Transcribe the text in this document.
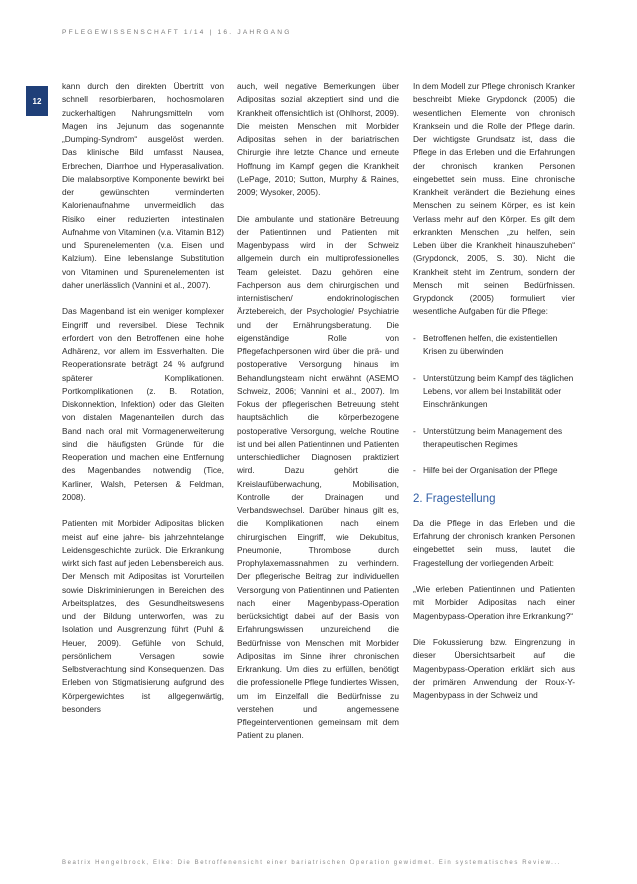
PFLEGEWISSENSCHAFT 1/14 | 16. JAHRGANG
12

kann durch den direkten Übertritt von schnell resorbierbaren, hochosmolaren zuckerhaltigen Nahrungsmitteln vom Magen ins Jejunum das sogenannte „Dumping-Syndrom“ ausgelöst werden. Das klinische Bild umfasst Nausea, Erbrechen, Diarrhoe und Hyperasalivation. Die malabsorptive Komponente bewirkt bei der gewünschten verminderten Kalorienaufnahme unvermeidlich das Risiko einer reduzierten intestinalen Aufnahme von Vitaminen (v.a. Vitamin B12) und Spurenelementen (v.a. Eisen und Kalzium). Eine lebenslange Substitution von Vitaminen und Spurenelementen ist daher unerlässlich (Vannini et al., 2007).

Das Magenband ist ein weniger komplexer Eingriff und reversibel. Diese Technik erfordert von den Betroffenen eine hohe Adhärenz, vor allem im Essverhalten. Die Reoperationsrate beträgt 24 % aufgrund späterer Komplikationen. Portkomplikationen (z. B. Rotation, Diskonnektion, Infektion) oder das Gleiten von distalen Magenanteilen durch das Band nach oral mit Vormagenerweiterung sind die häufigsten Gründe für die Reoperation und machen eine Entfernung des Magenbandes notwendig (Tice, Karliner, Walsh, Petersen & Feldman, 2008).

Patienten mit Morbider Adipositas blicken meist auf eine jahre- bis jahrzehntelange Leidensgeschichte zurück. Die Erkrankung wirkt sich fast auf jeden Lebensbereich aus. Der Mensch mit Adipositas ist Vorurteilen sowie Diskriminierungen in Bereichen des Arbeitsplatzes, des Gesundheitswesens und der Bildung unterworfen, was zu Isolation und Ausgrenzung führt (Puhl & Heuer, 2009). Gefühle von Schuld, persönlichem Versagen sowie Selbstverachtung sind Konsequenzen. Das Erleben von Stigmatisierung aufgrund des Körpergewichtes ist allgegenwärtig, besonders

auch, weil negative Bemerkungen über Adipositas sozial akzeptiert sind und die Krankheit offensichtlich ist (Ohlhorst, 2009). Die meisten Menschen mit Morbider Adipositas sehen in der bariatrischen Chirurgie ihre letzte Chance und erneute Hoffnung im Kampf gegen die Krankheit (LePage, 2010; Sutton, Murphy & Raines, 2009; Wysoker, 2005).

Die ambulante und stationäre Betreuung der Patientinnen und Patienten mit Magenbypass wird in der Schweiz allgemein durch ein multiprofessionelles Team geleistet. Dazu gehören eine Fachperson aus dem chirurgischen und internistischen/ endokrinologischen Ärztebereich, der Psychologie/ Psychiatrie und der Ernährungsberatung. Die eigenständige Rolle von Pflegefachpersonen wird über die prä- und postoperative Versorgung hinaus im Behandlungsteam nicht erwähnt (ASEMO Schweiz, 2006; Vannini et al., 2007). Im Fokus der pflegerischen Betreuung steht hauptsächlich die körperbezogene postoperative Versorgung, welche Routine ist und bei allen Patientinnen und Patienten unterschiedlicher Diagnosen praktiziert wird. Dazu gehört die Kreislaufüberwachung, Mobilisation, Kontrolle der Drainagen und Verbandswechsel. Darüber hinaus gilt es, die Komplikationen nach einem chirurgischen Eingriff, wie Dekubitus, Pneumonie, Thrombose durch Prophylaxemassnahmen zu verhindern. Der pflegerische Beitrag zur individuellen Versorgung von Patientinnen und Patienten nach einer Magenbypass-Operation berücksichtigt dabei auf der Basis von Erfahrungswissen unzureichend die Bedürfnisse von Menschen mit Morbider Adipositas im Sinne ihrer chronischen Erkrankung. Um dies zu erfüllen, benötigt die professionelle Pflege fundiertes Wissen, um im Einzelfall die Bedürfnisse zu verstehen und angemessene Pflegeinterventionen gemeinsam mit dem Patient zu planen.

In dem Modell zur Pflege chronisch Kranker beschreibt Mieke Grypdonck (2005) die wesentlichen Elemente von chronisch Kranksein und die Rolle der Pflege darin. Der wichtigste Grundsatz ist, dass die Pflege in das Erleben und die Erfahrungen der chronisch kranken Personen eingebettet sein muss. Eine chronische Krankheit verändert die Beziehung eines Menschen zu seinem Körper, es ist kein Verlass mehr auf den Körper. Es gilt dem erkrankten Menschen „zu helfen, sein Leben über die Krankheit hinauszuheben“ (Grypdonck, 2005, S. 30). Nicht die Krankheit steht im Zentrum, sondern der Mensch mit seinen Bedürfnissen. Grypdonck (2005) formuliert vier wesentliche Aufgaben für die Pflege:

- Betroffenen helfen, die existentiellen Krisen zu überwinden
- Unterstützung beim Kampf des täglichen Lebens, vor allem bei Instabilität oder Einschränkungen
- Unterstützung beim Management des therapeutischen Regimes
- Hilfe bei der Organisation der Pflege
2. Fragestellung

Da die Pflege in das Erleben und die Erfahrung der chronisch kranken Personen eingebettet sein muss, lautet die Fragestellung der vorliegenden Arbeit:

„Wie erleben Patientinnen und Patienten mit Morbider Adipositas nach einer Magenbypass-Operation ihre Erkrankung?“

Die Fokussierung bzw. Eingrenzung in dieser Übersichtsarbeit auf die Magenbypass-Operation erklärt sich aus der primären Anwendung der Roux-Y-Magenbypass in der Schweiz und

Beatrix Hengelbrock, Elke: Die Betroffenensicht einer bariatrischen Operation gewidmet. Ein systematisches Review...
